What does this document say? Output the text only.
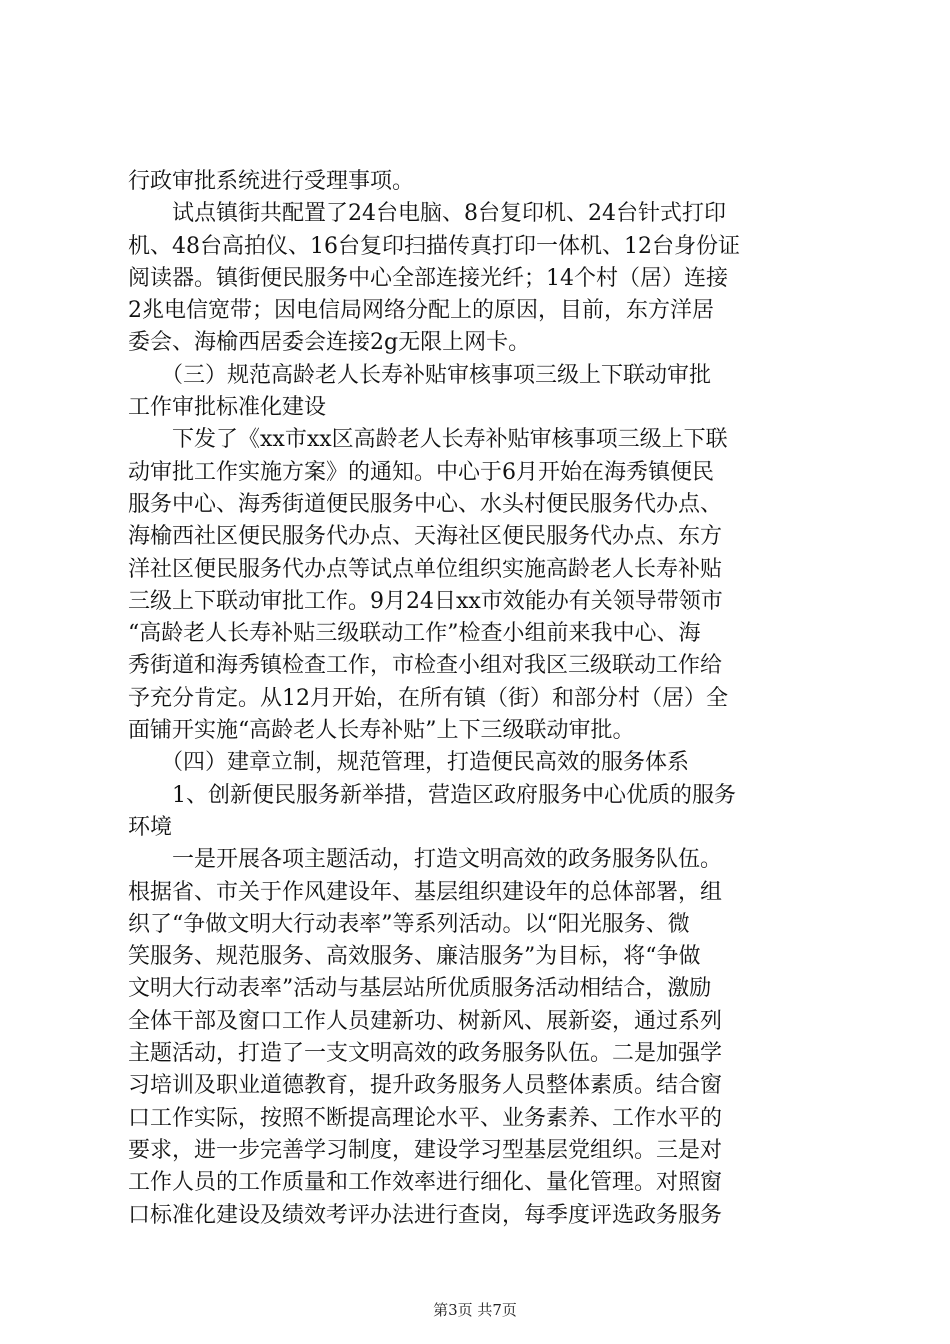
行政审批系统进行受理事项。
　　试点镇街共配置了24台电脑、8台复印机、24台针式打印
机、48台高拍仪、16台复印扫描传真打印一体机、12台身份证
阅读器。镇街便民服务中心全部连接光纤；14个村（居）连接
2兆电信宽带；因电信局网络分配上的原因，目前，东方洋居
委会、海榆西居委会连接2g无限上网卡。
　　（三）规范高龄老人长寿补贴审核事项三级上下联动审批
工作审批标准化建设
　　下发了《xx市xx区高龄老人长寿补贴审核事项三级上下联
动审批工作实施方案》的通知。中心于6月开始在海秀镇便民
服务中心、海秀街道便民服务中心、水头村便民服务代办点、
海榆西社区便民服务代办点、天海社区便民服务代办点、东方
洋社区便民服务代办点等试点单位组织实施高龄老人长寿补贴
三级上下联动审批工作。9月24日xx市效能办有关领导带领市
“高龄老人长寿补贴三级联动工作”检查小组前来我中心、海
秀街道和海秀镇检查工作，市检查小组对我区三级联动工作给
予充分肯定。从12月开始，在所有镇（街）和部分村（居）全
面铺开实施“高龄老人长寿补贴”上下三级联动审批。
　　（四）建章立制，规范管理，打造便民高效的服务体系
　　1、创新便民服务新举措，营造区政府服务中心优质的服务
环境
　　一是开展各项主题活动，打造文明高效的政务服务队伍。
根据省、市关于作风建设年、基层组织建设年的总体部署，组
织了“争做文明大行动表率”等系列活动。以“阳光服务、微
笑服务、规范服务、高效服务、廉洁服务”为目标，将“争做
文明大行动表率”活动与基层站所优质服务活动相结合，激励
全体干部及窗口工作人员建新功、树新风、展新姿，通过系列
主题活动，打造了一支文明高效的政务服务队伍。二是加强学
习培训及职业道德教育，提升政务服务人员整体素质。结合窗
口工作实际，按照不断提高理论水平、业务素养、工作水平的
要求，进一步完善学习制度，建设学习型基层党组织。三是对
工作人员的工作质量和工作效率进行细化、量化管理。对照窗
口标准化建设及绩效考评办法进行查岗，每季度评选政务服务
第3页 共7页
